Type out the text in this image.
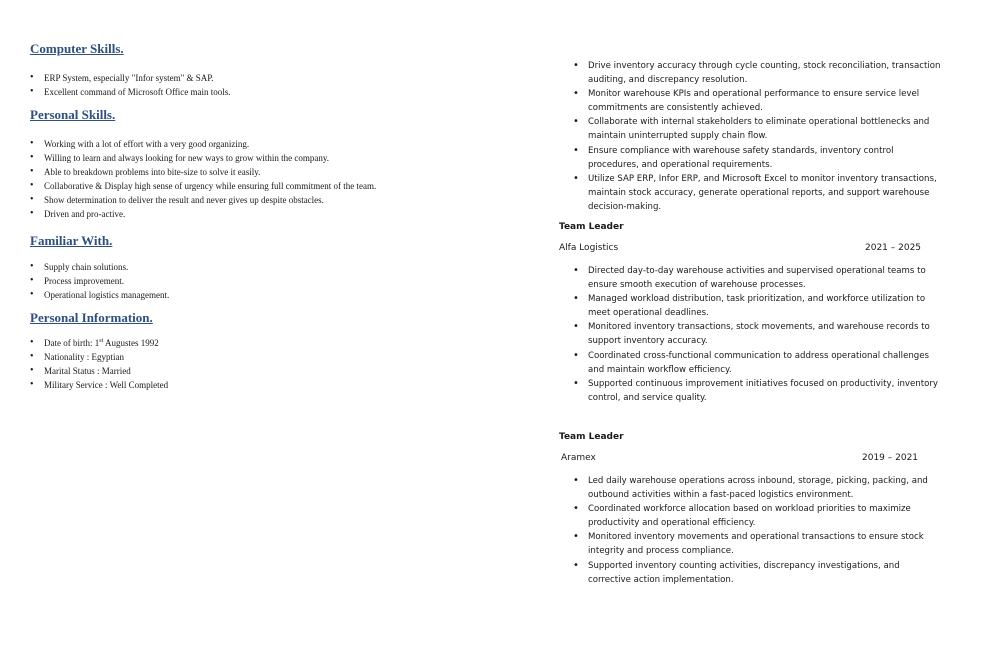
Computer Skills.
• ERP System, especially "Infor system" & SAP.
• Excellent command of Microsoft Office main tools.
Personal Skills.
• Working with a lot of effort with a very good organizing.
• Willing to learn and always looking for new ways to grow within the company.
• Able to breakdown problems into bite-size to solve it easily.
• Collaborative & Display high sense of urgency while ensuring full commitment of the team.
• Show determination to deliver the result and never gives up despite obstacles.
• Driven and pro-active.
Familiar With.
• Supply chain solutions.
• Process improvement.
• Operational logistics management.
Personal Information.
• Date of birth: 1st Augustes 1992
• Nationality : Egyptian
• Marital Status : Married
• Military Service : Well Completed
• Drive inventory accuracy through cycle counting, stock reconciliation, transaction auditing, and discrepancy resolution.
• Monitor warehouse KPIs and operational performance to ensure service level commitments are consistently achieved.
• Collaborate with internal stakeholders to eliminate operational bottlenecks and maintain uninterrupted supply chain flow.
• Ensure compliance with warehouse safety standards, inventory control procedures, and operational requirements.
• Utilize SAP ERP, Infor ERP, and Microsoft Excel to monitor inventory transactions, maintain stock accuracy, generate operational reports, and support warehouse decision-making.
Team Leader
Alfa Logistics	2021 – 2025
• Directed day-to-day warehouse activities and supervised operational teams to ensure smooth execution of warehouse processes.
• Managed workload distribution, task prioritization, and workforce utilization to meet operational deadlines.
• Monitored inventory transactions, stock movements, and warehouse records to support inventory accuracy.
• Coordinated cross-functional communication to address operational challenges and maintain workflow efficiency.
• Supported continuous improvement initiatives focused on productivity, inventory control, and service quality.
Team Leader
Aramex	2019 – 2021
• Led daily warehouse operations across inbound, storage, picking, packing, and outbound activities within a fast-paced logistics environment.
• Coordinated workforce allocation based on workload priorities to maximize productivity and operational efficiency.
• Monitored inventory movements and operational transactions to ensure stock integrity and process compliance.
• Supported inventory counting activities, discrepancy investigations, and corrective action implementation.
